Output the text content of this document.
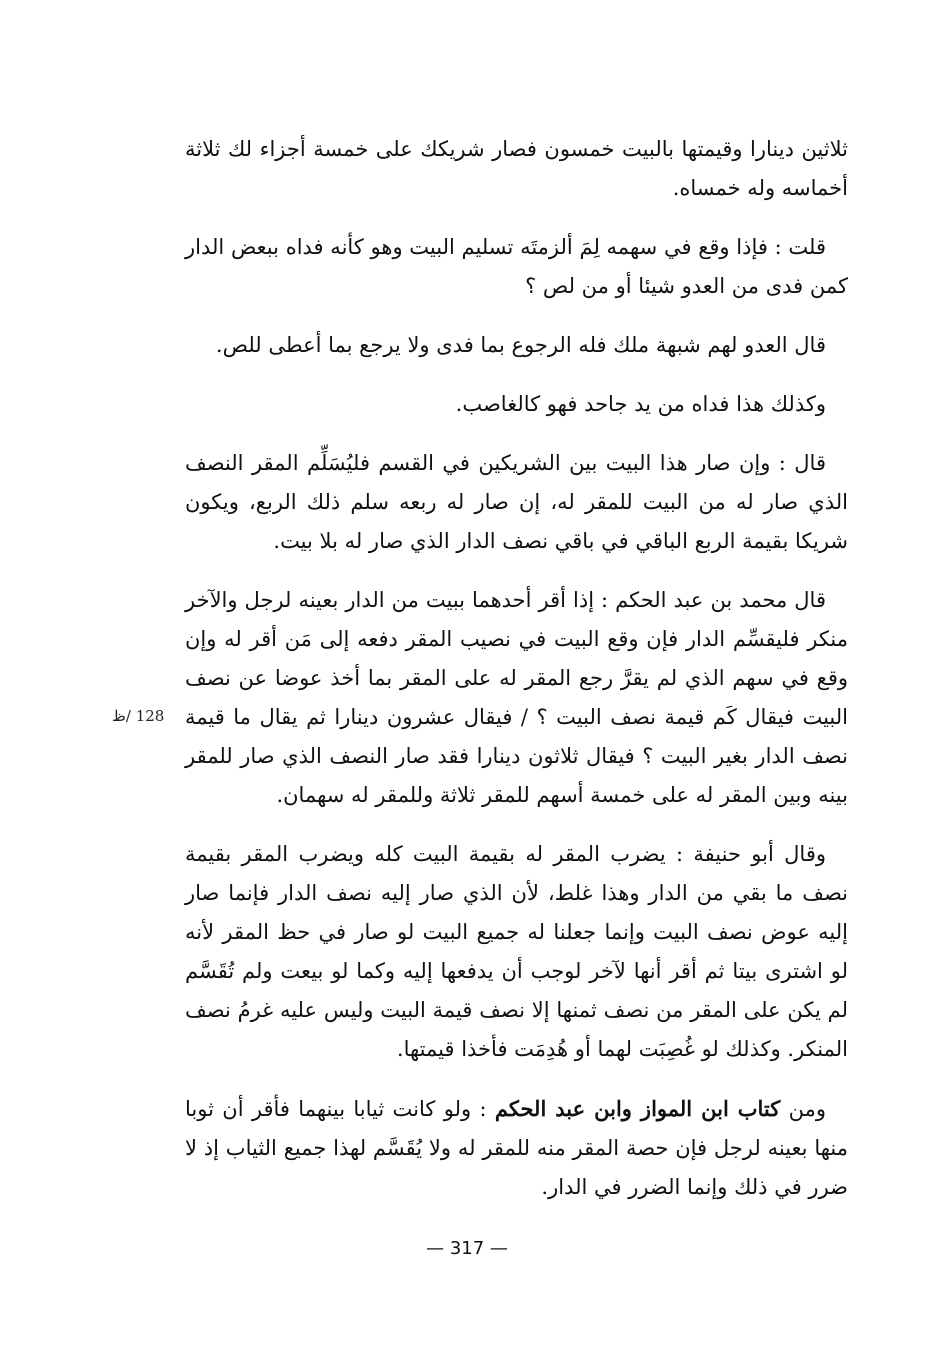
ثلاثين دينارا وقيمتها بالبيت خمسون فصار شريكك على خمسة أجزاء لك ثلاثة أخماسه وله خمساه.

قلت : فإذا وقع في سهمه لِمَ ألزمتَه تسليم البيت وهو كأنه فداه ببعض الدار كمن فدى من العدو شيئا أو من لص ؟

قال العدو لهم شبهة ملك فله الرجوع بما فدى ولا يرجع بما أعطى للص.

وكذلك هذا فداه من يد جاحد فهو كالغاصب.

قال : وإن صار هذا البيت بين الشريكين في القسم فليُسَلِّم المقر النصف الذي صار له من البيت للمقر له، إن صار له ربعه سلم ذلك الربع، ويكون شريكا بقيمة الربع الباقي في باقي نصف الدار الذي صار له بلا بيت.

قال محمد بن عبد الحكم : إذا أقر أحدهما ببيت من الدار بعينه لرجل والآخر منكر فليقسِّم الدار فإن وقع البيت في نصيب المقر دفعه إلى مَن أقر له وإن وقع في سهم الذي لم يقرَّ رجع المقر له على المقر بما أخذ عوضا عن نصف البيت فيقال كَم قيمة نصف البيت ؟ / فيقال عشرون دينارا ثم يقال ما قيمة نصف الدار بغير البيت ؟ فيقال ثلاثون دينارا فقد صار النصف الذي صار للمقر بينه وبين المقر له على خمسة أسهم للمقر ثلاثة وللمقر له سهمان.

وقال أبو حنيفة : يضرب المقر له بقيمة البيت كله ويضرب المقر بقيمة نصف ما بقي من الدار وهذا غلط، لأن الذي صار إليه نصف الدار فإنما صار إليه عوض نصف البيت وإنما جعلنا له جميع البيت لو صار في حظ المقر لأنه لو اشترى بيتا ثم أقر أنها لآخر لوجب أن يدفعها إليه وكما لو بيعت ولم تُقَسَّم لم يكن على المقر من نصف ثمنها إلا نصف قيمة البيت وليس عليه غرمُ نصف المنكر. وكذلك لو غُصِبَت لهما أو هُدِمَت فأخذا قيمتها.

ومن كتاب ابن المواز وابن عبد الحكم : ولو كانت ثيابا بينهما فأقر أن ثوبا منها بعينه لرجل فإن حصة المقر منه للمقر له ولا يُقَسَّم لهذا جميع الثياب إذ لا ضرر في ذلك وإنما الضرر في الدار.

128 /ظ
— 317 —
